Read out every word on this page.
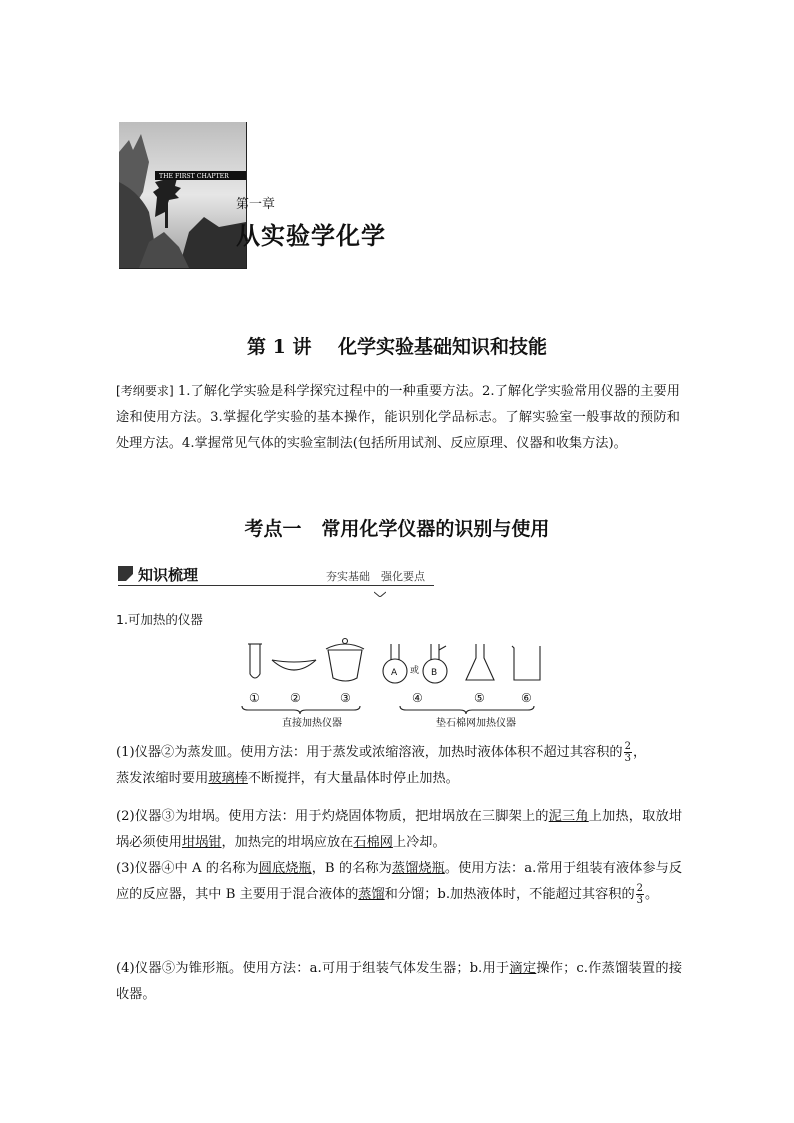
THE FIRST CHAPTER
第一章
从实验学化学
第 1 讲 化学实验基础知识和技能
[考纲要求] 1.了解化学实验是科学探究过程中的一种重要方法。2.了解化学实验常用仪器的主要用途和使用方法。3.掌握化学实验的基本操作，能识别化学品标志。了解实验室一般事故的预防和处理方法。4.掌握常见气体的实验室制法(包括所用试剂、反应原理、仪器和收集方法)。
考点一 常用化学仪器的识别与使用
知识梳理	夯实基础　强化要点
1.可加热的仪器
A 或 B
①	②	③	④	⑤	⑥
直接加热仪器	垫石棉网加热仪器
(1)仪器②为蒸发皿。使用方法：用于蒸发或浓缩溶液，加热时液体体积不超过其容积的 $\frac{2}{3}$ ，
蒸发浓缩时要用玻璃棒不断搅拌，有大量晶体时停止加热。
(2)仪器③为坩埚。使用方法：用于灼烧固体物质，把坩埚放在三脚架上的泥三角上加热，取放坩埚必须使用坩埚钳，加热完的坩埚应放在石棉网上冷却。
(3)仪器④中 A 的名称为圆底烧瓶，B 的名称为蒸馏烧瓶。使用方法：a.常用于组装有液体参与反应的反应器，其中 B 主要用于混合液体的蒸馏和分馏；b.加热液体时，不能超过其容积的 $\frac{2}{3}$ 。
(4)仪器⑤为锥形瓶。使用方法：a.可用于组装气体发生器；b.用于滴定操作；c.作蒸馏装置的接收器。
